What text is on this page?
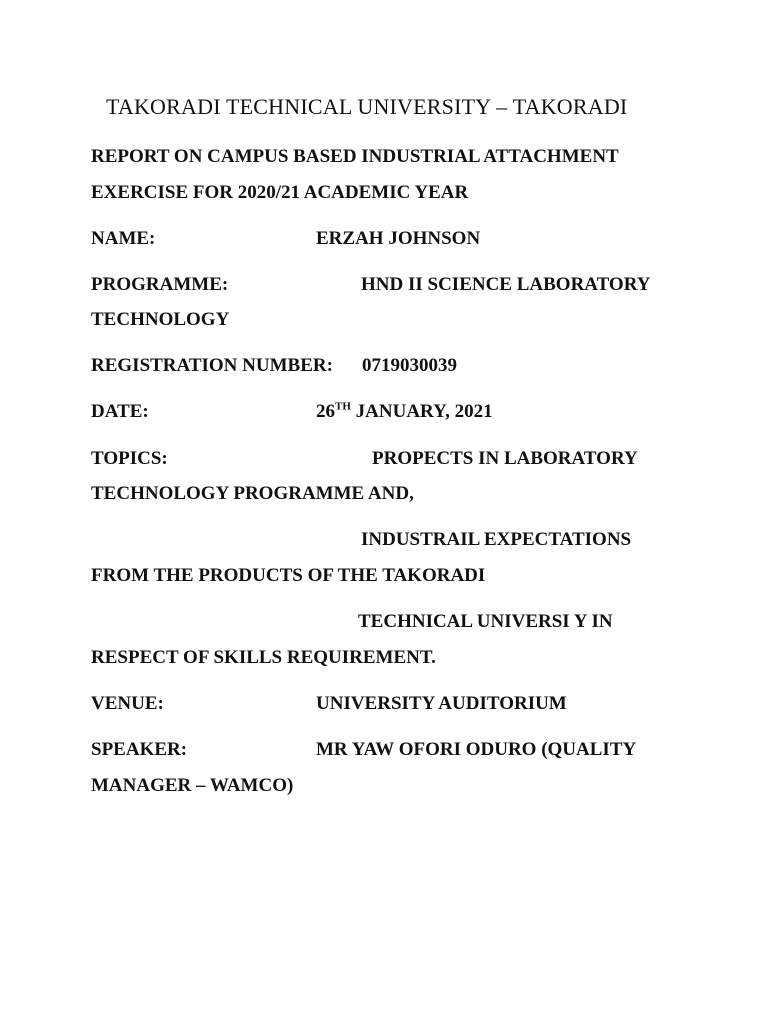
TAKORADI TECHNICAL UNIVERSITY – TAKORADI
REPORT ON CAMPUS BASED INDUSTRIAL ATTACHMENT
EXERCISE FOR 2020/21 ACADEMIC YEAR
NAME:	ERZAH JOHNSON
PROGRAMME:	HND II SCIENCE LABORATORY
TECHNOLOGY
REGISTRATION NUMBER: 0719030039
DATE:	26TH JANUARY, 2021
TOPICS:	PROPECTS IN LABORATORY
TECHNOLOGY PROGRAMME AND,
INDUSTRAIL EXPECTATIONS
FROM THE PRODUCTS OF THE TAKORADI
TECHNICAL UNIVERSI Y IN
RESPECT OF SKILLS REQUIREMENT.
VENUE:	UNIVERSITY AUDITORIUM
SPEAKER:	MR YAW OFORI ODURO (QUALITY
MANAGER – WAMCO)
